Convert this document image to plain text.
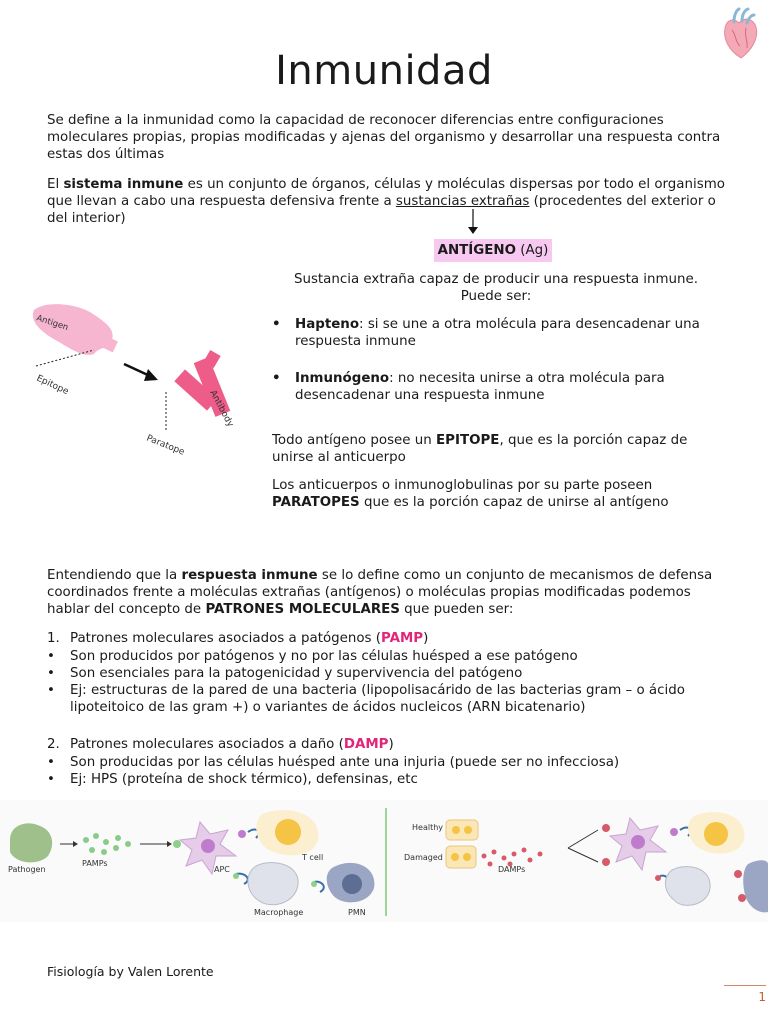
Inmunidad
Se define a la inmunidad como la capacidad de reconocer diferencias entre configuraciones moleculares propias, propias modificadas y ajenas del organismo y desarrollar una respuesta contra estas dos últimas
El sistema inmune es un conjunto de órganos, células y moléculas dispersas por todo el organismo que llevan a cabo una respuesta defensiva frente a sustancias extrañas (procedentes del exterior o del interior)
ANTÍGENO (Ag)
Sustancia extraña capaz de producir una respuesta inmune. Puede ser:
• Hapteno: si se une a otra molécula para desencadenar una respuesta inmune
• Inmunógeno: no necesita unirse a otra molécula para desencadenar una respuesta inmune
Todo antígeno posee un EPITOPE, que es la porción capaz de unirse al anticuerpo
Los anticuerpos o inmunoglobulinas por su parte poseen PARATOPES que es la porción capaz de unirse al antígeno
Antigen
Epitope
Antibody
Paratope
Entendiendo que la respuesta inmune se lo define como un conjunto de mecanismos de defensa coordinados frente a moléculas extrañas (antígenos) o moléculas propias modificadas podemos hablar del concepto de PATRONES MOLECULARES que pueden ser:
1. Patrones moleculares asociados a patógenos (PAMP)
• Son producidos por patógenos y no por las células huésped a ese patógeno
• Son esenciales para la patogenicidad y supervivencia del patógeno
• Ej: estructuras de la pared de una bacteria (lipopolisacárido de las bacterias gram – o ácido lipoteitoico de las gram +) o variantes de ácidos nucleicos (ARN bicatenario)
2. Patrones moleculares asociados a daño (DAMP)
• Son producidas por las células huésped ante una injuria (puede ser no infecciosa)
• Ej: HPS (proteína de shock térmico), defensinas, etc
Pathogen
PAMPs
APC
T cell
Macrophage	PMN
Healthy
Damaged
DAMPs
Fisiología by Valen Lorente
1
